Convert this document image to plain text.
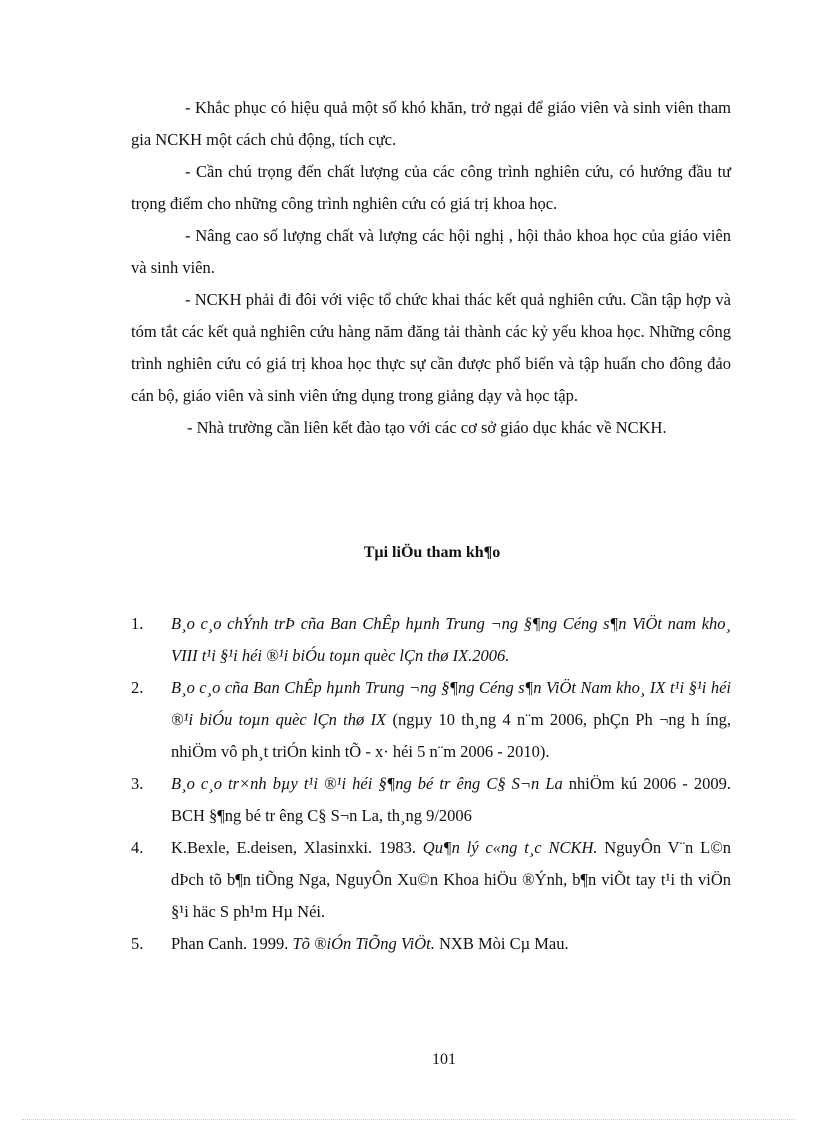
- Khắc phục có hiệu quả một số khó khăn, trở ngại để giáo viên và sinh viên tham gia NCKH một cách chủ động, tích cực.

- Cần chú trọng đến chất lượng của các công trình nghiên cứu, có hướng đầu tư trọng điểm cho những công trình nghiên cứu có giá trị khoa học.

- Nâng cao số lượng chất và lượng các hội nghị , hội thảo khoa học của giáo viên và sinh viên.

- NCKH phải đi đôi với việc tổ chức khai thác kết quả nghiên cứu. Cần tập hợp và tóm tắt các kết quả nghiên cứu hàng năm đăng tải thành các kỷ yếu khoa học. Những công trình nghiên cứu có giá trị khoa học thực sự cần được phổ biến và tập huấn cho đông đảo cán bộ, giáo viên và sinh viên ứng dụng trong giảng dạy và học tập.

- Nhà trường cần liên kết đào tạo với các cơ sở giáo dục khác về NCKH.

Tµi liÖu tham kh¶o
1. B¸o c¸o chÝnh trÞ cña Ban ChÊp hµnh Trung ¬ng §¶ng Céng s¶n ViÖt nam kho¸ VIII t¹i §¹i héi ®¹i biÓu toµn quèc lÇn thø IX.2006.
2. B¸o c¸o cña Ban ChÊp hµnh Trung ¬ng §¶ng Céng s¶n ViÖt Nam kho¸ IX t¹i §¹i héi ®¹i biÓu toµn quèc lÇn thø IX (ngµy 10 th¸ng 4 n¨m 2006, phÇn Ph ¬ng h íng, nhiÖm vô ph¸t triÓn kinh tÕ - x· héi 5 n¨m 2006 - 2010).
3. B¸o c¸o tr×nh bµy t¹i ®¹i héi §¶ng bé tr êng C§ S¬n La nhiÖm kú 2006 - 2009. BCH §¶ng bé tr êng C§ S¬n La, th¸ng 9/2006
4. K.Bexle, E.deisen, Xlasinxki. 1983. Qu¶n lý c«ng t¸c NCKH. NguyÔn V¨n L©n dÞch tõ b¶n tiÕng Nga, NguyÔn Xu©n Khoa hiÖu ®Ýnh, b¶n viÕt tay t¹i th viÖn §¹i häc S ph¹m Hµ Néi.
5. Phan Canh. 1999. Tõ ®iÓn TiÕng ViÖt. NXB Mòi Cµ Mau.
101
